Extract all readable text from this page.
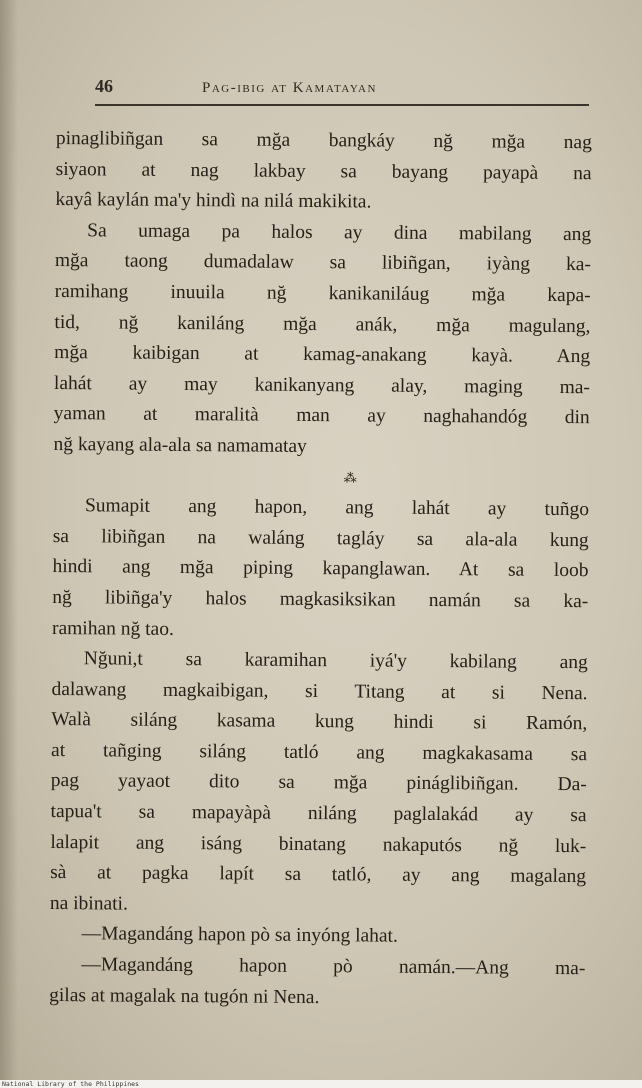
46	Pag-ibig at Kamatayan
pinaglibiñgan sa mğa bangkáy nğ mğa nag
siyaon at nag lakbay sa bayang payapà na
kayâ kaylán ma'y hindì na nilá makikita.
Sa umaga pa halos ay dina mabilang ang
mğa taong dumadalaw sa libiñgan, iyàng ka-
ramihang inuuila nğ kanikaniláug mğa kapa-
tid, nğ kaniláng mğa anák, mğa magulang,
mğa kaibigan at kamag-anakang kayà. Ang
lahát ay may kanikanyang alay, maging ma-
yaman at maralità man ay naghahandóg din
nğ kayang ala-ala sa namamatay
⁂
Sumapit ang hapon, ang lahát ay tuñgo
sa libiñgan na waláng tagláy sa ala-ala kung
hindi ang mğa piping kapanglawan. At sa loob
nğ libiñga'y halos magkasiksikan namán sa ka-
ramihan nğ tao.
Nğuni,t sa karamihan iyá'y kabilang ang
dalawang magkaibigan, si Titang at si Nena.
Walà siláng kasama kung hindi si Ramón,
at tañging siláng tatló ang magkakasama sa
pag yayaot dito sa mğa pináglibiñgan. Da-
tapua't sa mapayàpà niláng paglalakád ay sa
lalapit ang isáng binatang nakaputós nğ luk-
sà at pagka lapít sa tatló, ay ang magalang
na ibinati.
—Magandáng hapon pò sa inyóng lahat.
—Magandáng hapon pò namán.—Ang ma-
gilas at magalak na tugón ni Nena.
National Library of the Philippines
